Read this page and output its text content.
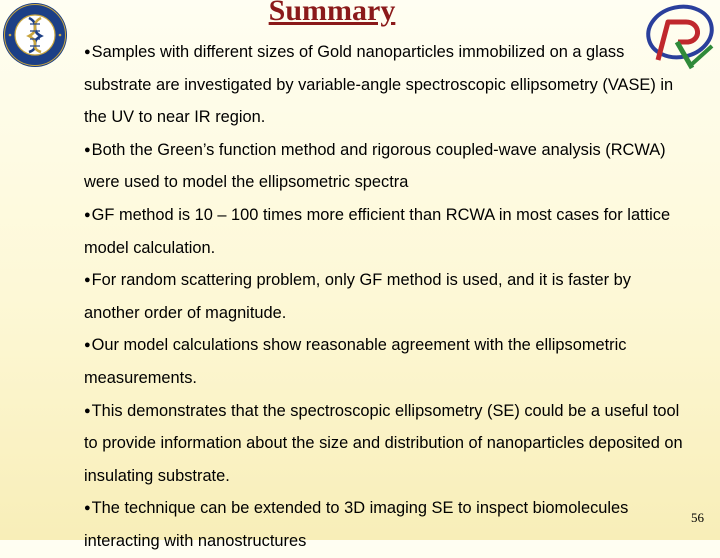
Summary

●Samples with different sizes of Gold nanoparticles immobilized on a glass substrate are investigated by variable-angle spectroscopic ellipsometry (VASE) in the UV to near IR region.

●Both the Green’s function method and rigorous coupled-wave analysis (RCWA) were used to model the ellipsometric spectra

●GF method is 10 – 100 times more efficient than RCWA in most cases for lattice model calculation.

●For random scattering problem, only GF method is used, and it is faster by another order of magnitude.

●Our model calculations show reasonable agreement with the ellipsometric measurements.

●This demonstrates that the spectroscopic ellipsometry (SE) could be a useful tool to provide information about the size and distribution of nanoparticles deposited on insulating substrate.

●The technique can be extended to 3D imaging SE to inspect biomolecules interacting with nanostructures

56
